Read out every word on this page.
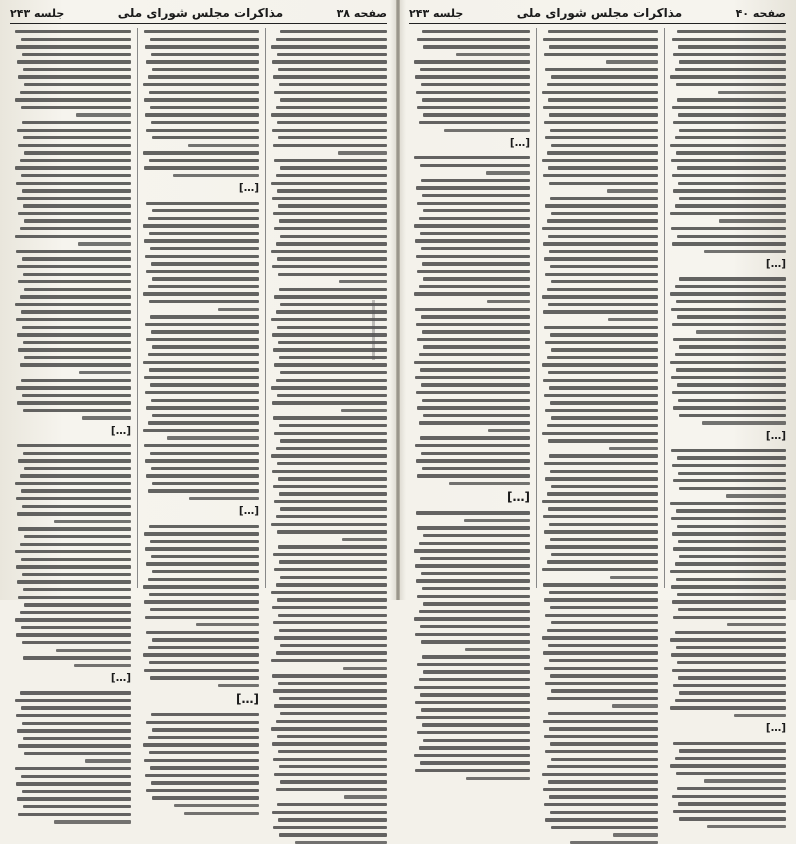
صفحه ۳۸
مذاکرات مجلس شورای ملی
جلسه ۲۴۳
[…]
[…]
[…]
[…]
[…]
صفحه ۴۰
مذاکرات مجلس شورای ملی
جلسه ۲۴۳
[…]
[…]
[…]
[…]
[…]
